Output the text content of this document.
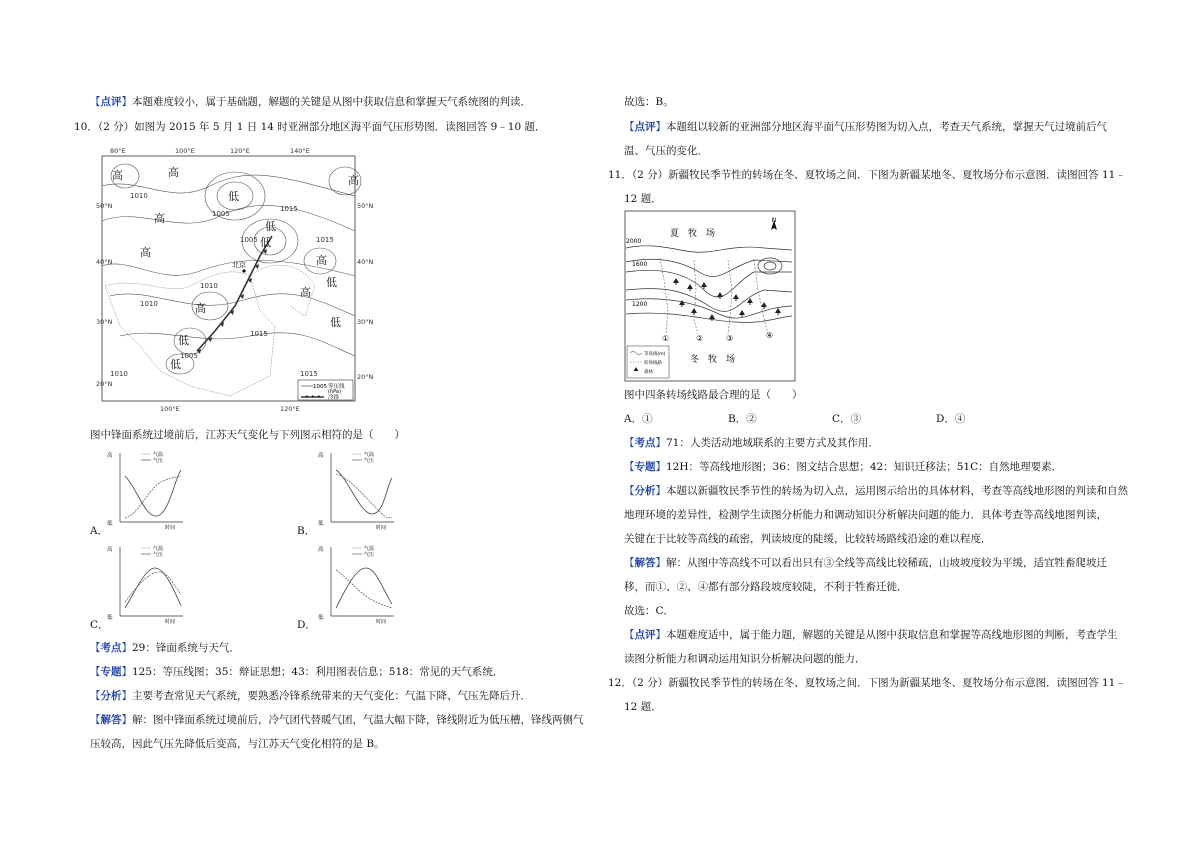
【点评】本题难度较小，属于基础题，解题的关键是从图中获取信息和掌握天气系统图的判读．
10．（2 分）如图为 2015 年 5 月 1 日 14 时亚洲部分地区海平面气压形势图．读图回答 9﹣10 题．
高	高
低
低
高
高
高
高
低
低
高
低
低
高
低
1010
1005
1015
1015
1005
1010
1010
1005
1015
1010	1015
80°E	100°E	120°E	140°E
100°E	120°E
50°N
40°N
30°N
20°N
50°N
40°N
30°N
20°N
北京
1005 等压线
(hPa)
冷锋
图中锋面系统过境前后，江苏天气变化与下列图示相符的是（　　）
高
低
时间
气温
气压
A．
高
低
时间
气温
气压
B．
高
低
时间
气温
气压
C．
高
低
时间
气温
气压
D．
【考点】29：锋面系统与天气．
【专题】125：等压线图；35：辩证思想；43：利用图表信息；518：常见的天气系统．
【分析】主要考查常见天气系统，要熟悉冷锋系统带来的天气变化：气温下降、气压先降后升．
【解答】解：图中锋面系统过境前后，冷气团代替暖气团，气温大幅下降，锋线附近为低压槽，锋线两侧气
压较高，因此气压先降低后变高，与江苏天气变化相符的是 B。
故选：B。
【点评】本题组以较新的亚洲部分地区海平面气压形势图为切入点，考查天气系统，掌握天气过境前后气
温、气压的变化．
11．（2 分）新疆牧民季节性的转场在冬、夏牧场之间．下图为新疆某地冬、夏牧场分布示意图．读图回答 11﹣
12 题．
夏　牧　场
冬　牧　场
N
2000
1600
1200
①	②	③	④
等高线(m)
转场线路
森林
图中四条转场线路最合理的是（　　）
A．①	B．②	C．③	D．④
【考点】71：人类活动地域联系的主要方式及其作用．
【专题】12H：等高线地形图；36：图文结合思想；42：知识迁移法；51C：自然地理要素．
【分析】本题以新疆牧民季节性的转场为切入点，运用图示给出的具体材料，考查等高线地形图的判读和自然
地理环境的差异性，检测学生读图分析能力和调动知识分析解决问题的能力．具体考查等高线地图判读，
关键在于比较等高线的疏密，判读坡度的陡缓，比较转场路线沿途的难以程度．
【解答】解：从图中等高线不可以看出只有③全线等高线比较稀疏，山坡坡度较为平缓，适宜牲畜爬坡迁
移，而①、②、④都有部分路段坡度较陡，不利于牲畜迁徙．
故选：C．
【点评】本题难度适中，属于能力题，解题的关键是从图中获取信息和掌握等高线地形图的判断，考查学生
读图分析能力和调动运用知识分析解决问题的能力．
12．（2 分）新疆牧民季节性的转场在冬、夏牧场之间．下图为新疆某地冬、夏牧场分布示意图．读图回答 11﹣
12 题．
